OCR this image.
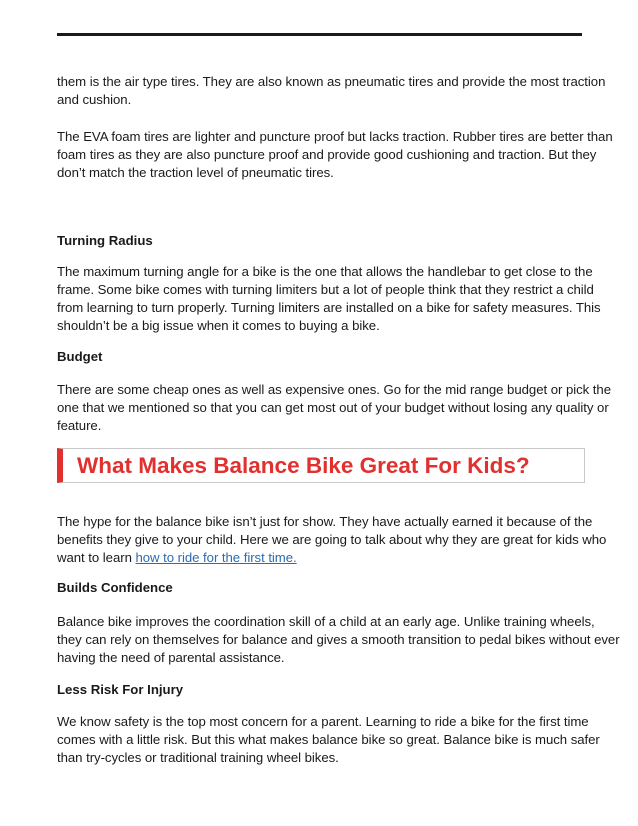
them is the air type tires. They are also known as pneumatic tires and provide the most traction and cushion.

The EVA foam tires are lighter and puncture proof but lacks traction. Rubber tires are better than foam tires as they are also puncture proof and provide good cushioning and traction. But they don’t match the traction level of pneumatic tires.

Turning Radius

The maximum turning angle for a bike is the one that allows the handlebar to get close to the frame. Some bike comes with turning limiters but a lot of people think that they restrict a child from learning to turn properly. Turning limiters are installed on a bike for safety measures. This shouldn’t be a big issue when it comes to buying a bike.

Budget

There are some cheap ones as well as expensive ones. Go for the mid range budget or pick the one that we mentioned so that you can get most out of your budget without losing any quality or feature.

What Makes Balance Bike Great For Kids?

The hype for the balance bike isn’t just for show. They have actually earned it because of the benefits they give to your child. Here we are going to talk about why they are great for kids who want to learn how to ride for the first time.

Builds Confidence

Balance bike improves the coordination skill of a child at an early age. Unlike training wheels, they can rely on themselves for balance and gives a smooth transition to pedal bikes without ever having the need of parental assistance.

Less Risk For Injury

We know safety is the top most concern for a parent. Learning to ride a bike for the first time comes with a little risk. But this what makes balance bike so great. Balance bike is much safer than try-cycles or traditional training wheel bikes.
